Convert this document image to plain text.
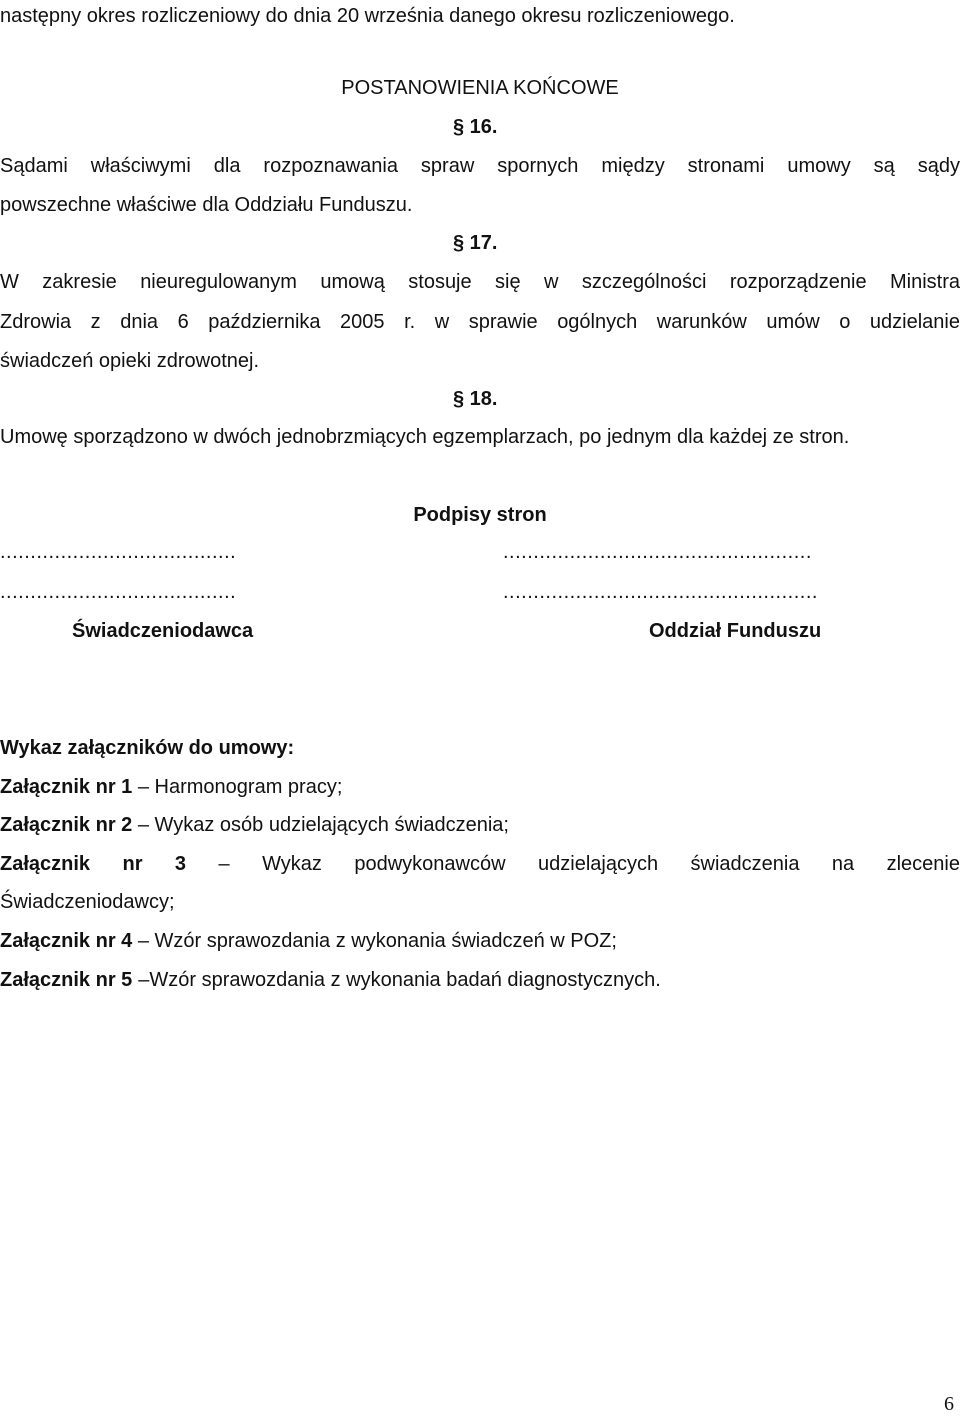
następny okres rozliczeniowy do dnia 20 września danego okresu rozliczeniowego.
POSTANOWIENIA KOŃCOWE
§ 16.
Sądami właściwymi dla rozpoznawania spraw spornych między stronami umowy są sądy
powszechne właściwe dla Oddziału Funduszu.
§ 17.
W zakresie nieuregulowanym umową stosuje się w szczególności rozporządzenie Ministra
Zdrowia z dnia 6 października 2005 r. w sprawie ogólnych warunków umów o udzielanie
świadczeń opieki zdrowotnej.
§ 18.
Umowę sporządzono w dwóch jednobrzmiących egzemplarzach, po jednym dla każdej ze stron.
Podpisy stron
.......................................	...................................................
.......................................	....................................................
Świadczeniodawca	Oddział Funduszu
Wykaz załączników do umowy:
Załącznik nr 1 – Harmonogram pracy;
Załącznik nr 2 – Wykaz osób udzielających świadczenia;
Załącznik nr 3 – Wykaz podwykonawców udzielających świadczenia na zlecenie
Świadczeniodawcy;
Załącznik nr 4 – Wzór sprawozdania z wykonania świadczeń w POZ;
Załącznik nr 5 –Wzór sprawozdania z wykonania badań diagnostycznych.
6
